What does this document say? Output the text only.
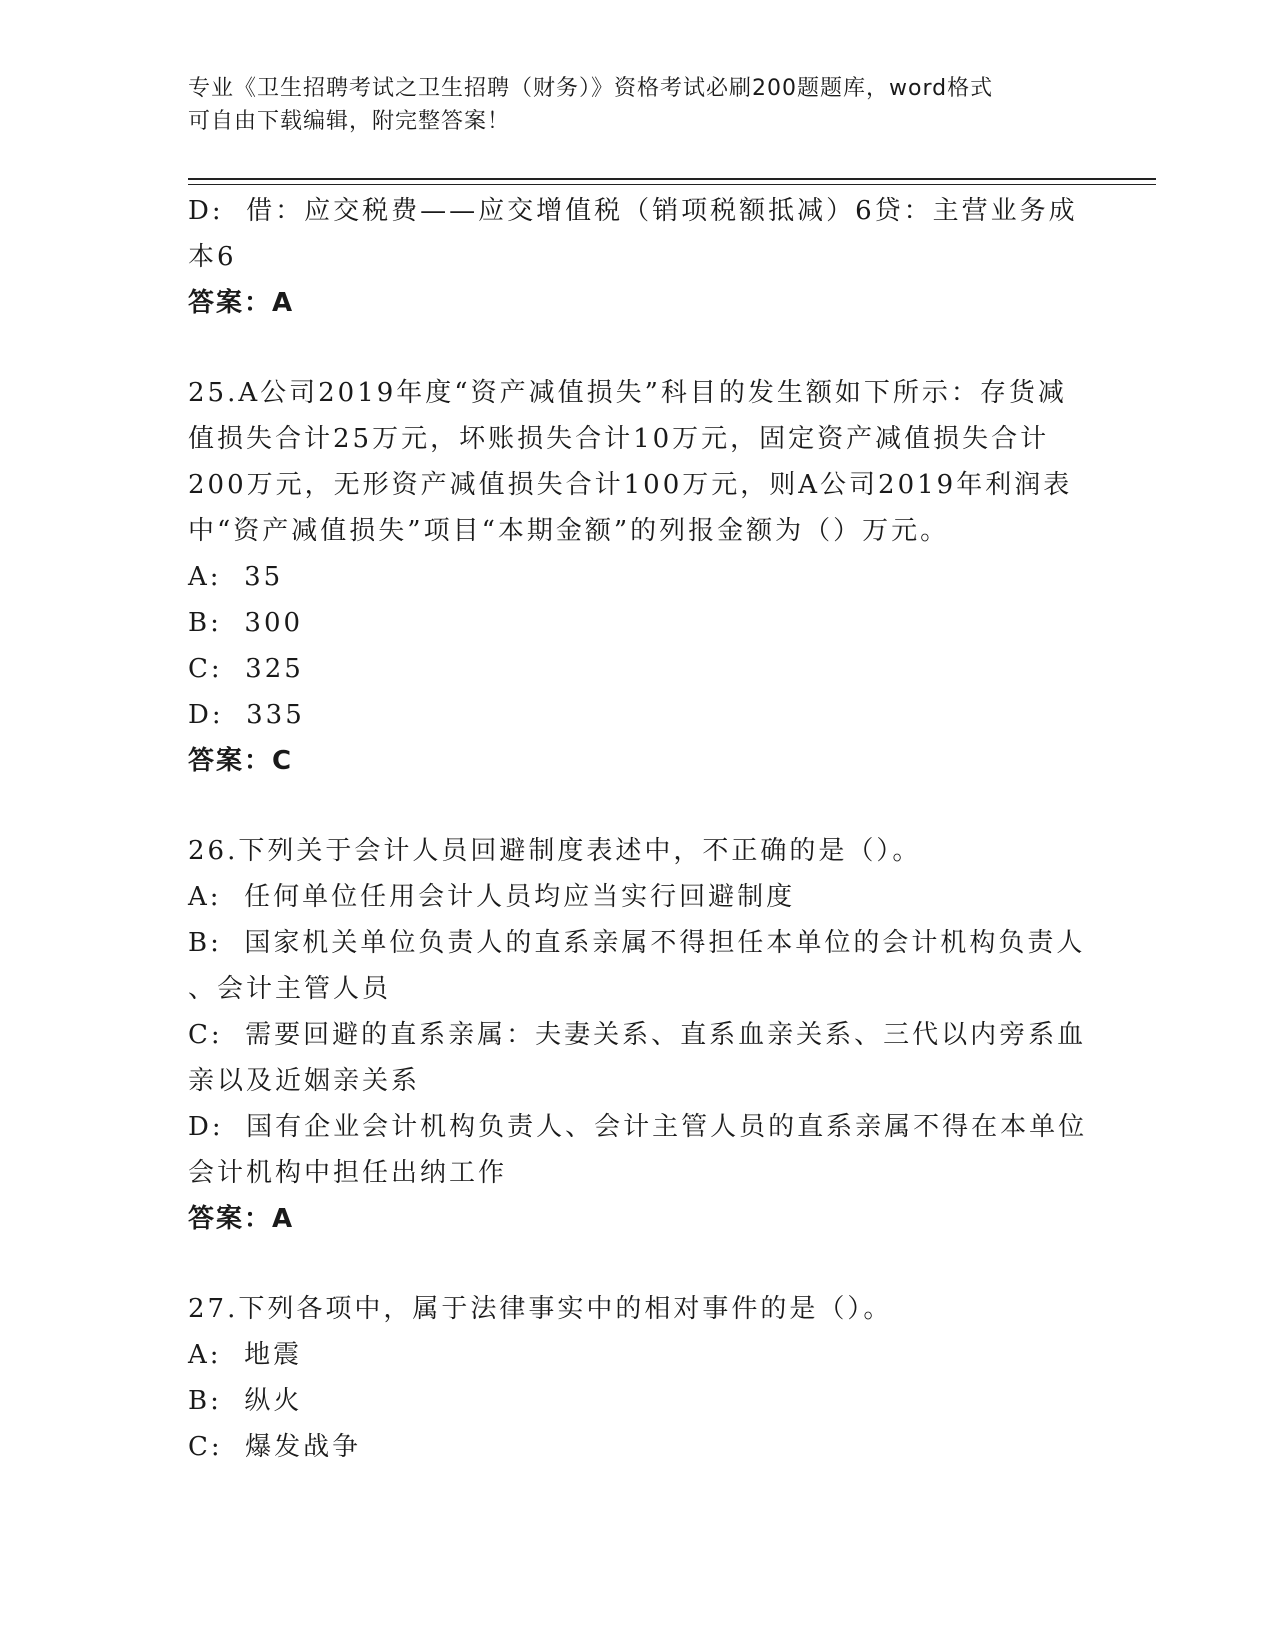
专业《卫生招聘考试之卫生招聘（财务）》资格考试必刷200题题库，word格式
可自由下载编辑，附完整答案！
D:  借：应交税费——应交增值税（销项税额抵减）6贷：主营业务成
本6
答案：A
25.A公司2019年度“资产减值损失”科目的发生额如下所示：存货减
值损失合计25万元，坏账损失合计10万元，固定资产减值损失合计
200万元，无形资产减值损失合计100万元，则A公司2019年利润表
中“资产减值损失”项目“本期金额”的列报金额为（）万元。
A:  35
B:  300
C:  325
D:  335
答案：C
26.下列关于会计人员回避制度表述中，不正确的是（）。
A:  任何单位任用会计人员均应当实行回避制度
B:  国家机关单位负责人的直系亲属不得担任本单位的会计机构负责人
、会计主管人员
C:  需要回避的直系亲属：夫妻关系、直系血亲关系、三代以内旁系血
亲以及近姻亲关系
D:  国有企业会计机构负责人、会计主管人员的直系亲属不得在本单位
会计机构中担任出纳工作
答案：A
27.下列各项中，属于法律事实中的相对事件的是（）。
A:  地震
B:  纵火
C:  爆发战争
